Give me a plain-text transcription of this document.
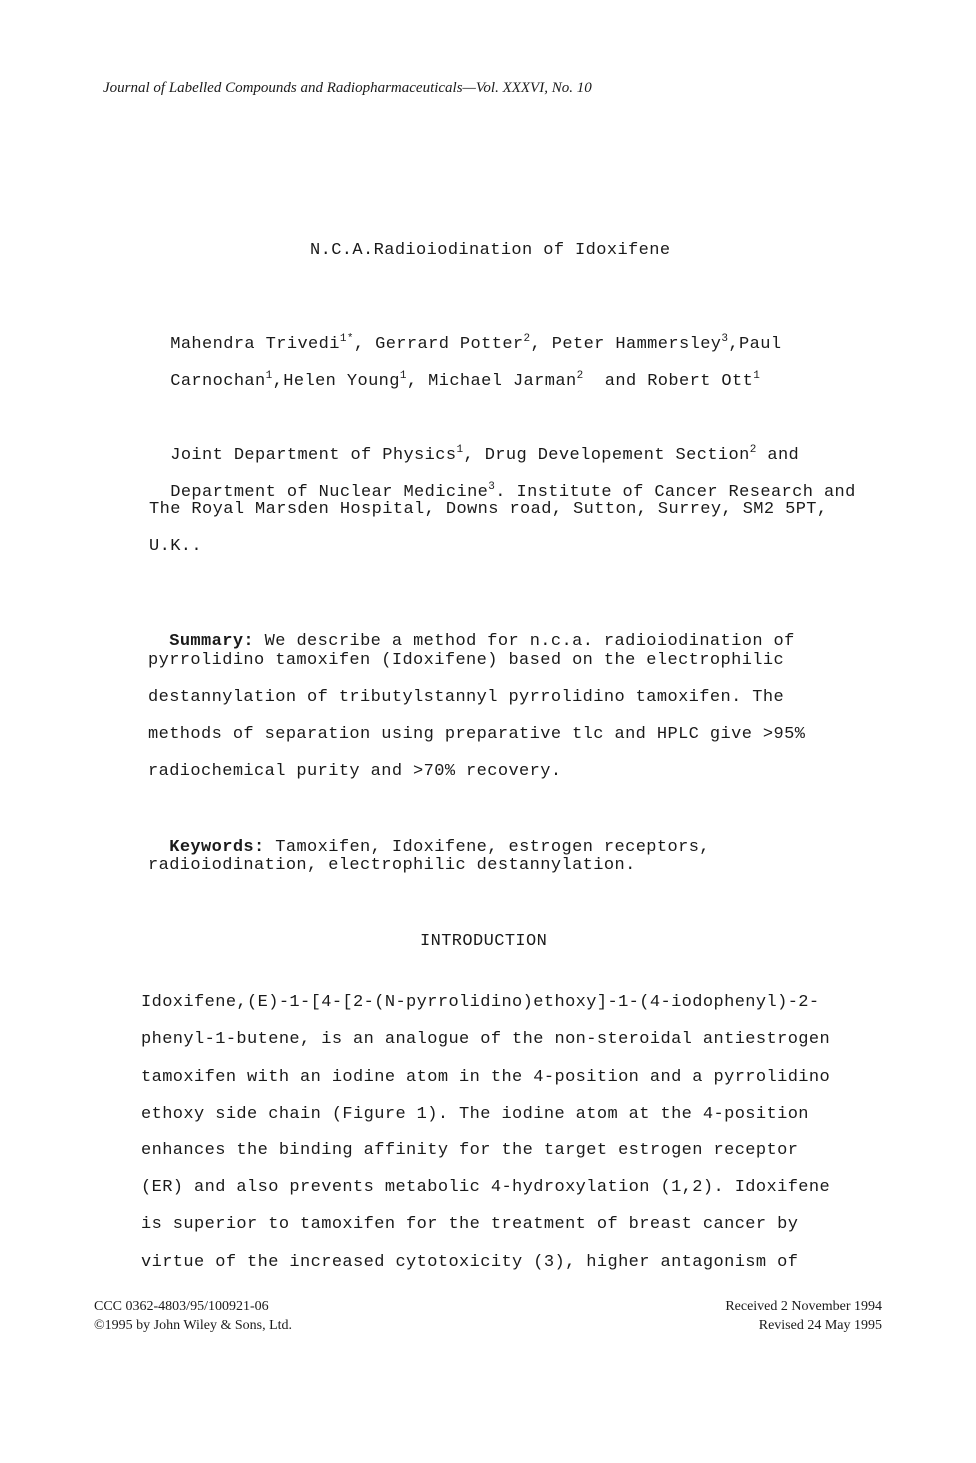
Journal of Labelled Compounds and Radiopharmaceuticals—Vol. XXXVI, No. 10
N.C.A.Radioiodination of Idoxifene

Mahendra Trivedi$^{1*}$, Gerrard Potter$^2$, Peter Hammersley$^3$,Paul

Carnochan$^1$,Helen Young$^1$, Michael Jarman$^2$  and Robert Ott$^1$

Joint Department of Physics$^1$, Drug Developement Section$^2$ and

Department of Nuclear Medicine$^3$. Institute of Cancer Research and

The Royal Marsden Hospital, Downs road, Sutton, Surrey, SM2 5PT,
U.K..

Summary: We describe a method for n.c.a. radioiodination of

pyrrolidino tamoxifen (Idoxifene) based on the electrophilic
destannylation of tributylstannyl pyrrolidino tamoxifen. The
methods of separation using preparative tlc and HPLC give >95%
radiochemical purity and >70% recovery.

Keywords: Tamoxifen, Idoxifene, estrogen receptors,

radioiodination, electrophilic destannylation.
INTRODUCTION
Idoxifene,(E)-1-[4-[2-(N-pyrrolidino)ethoxy]-1-(4-iodophenyl)-2-
phenyl-1-butene, is an analogue of the non-steroidal antiestrogen
tamoxifen with an iodine atom in the 4-position and a pyrrolidino
ethoxy side chain (Figure 1). The iodine atom at the 4-position
enhances the binding affinity for the target estrogen receptor
(ER) and also prevents metabolic 4-hydroxylation (1,2). Idoxifene
is superior to tamoxifen for the treatment of breast cancer by
virtue of the increased cytotoxicity (3), higher antagonism of
CCC 0362-4803/95/100921-06
©1995 by John Wiley & Sons, Ltd.
Received 2 November 1994
Revised 24 May 1995
